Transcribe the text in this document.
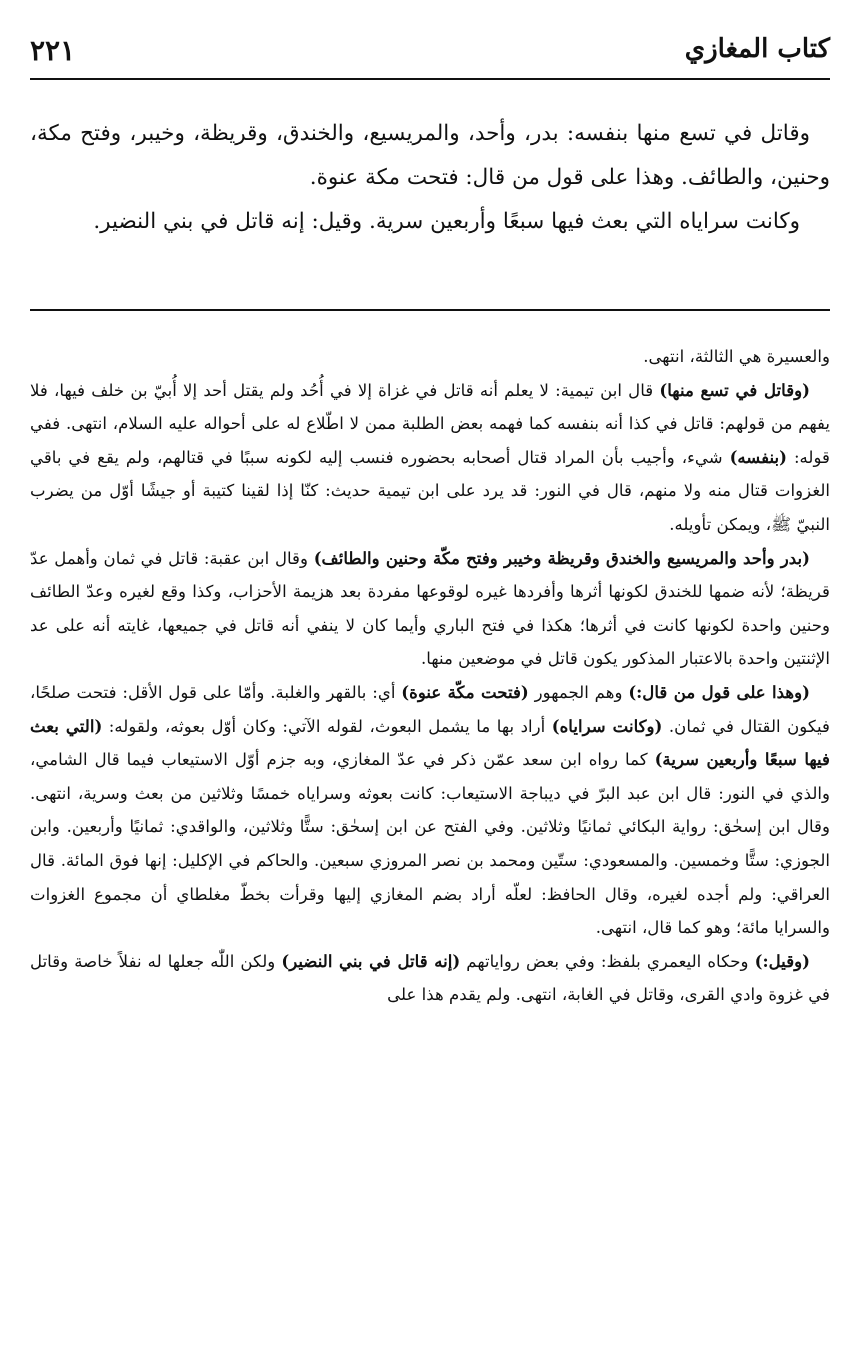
كتاب المغازي
٢٢١

وقاتل في تسع منها بنفسه: بدر، وأحد، والمريسيع، والخندق، وقريظة، وخيبر، وفتح مكة، وحنين، والطائف. وهذا على قول من قال: فتحت مكة عنوة.

وكانت سراياه التي بعث فيها سبعًا وأربعين سرية. وقيل: إنه قاتل في بني النضير.

والعسيرة هي الثالثة، انتهى.

(وقاتل في تسع منها) قال ابن تيمية: لا يعلم أنه قاتل في غزاة إلا في أُحُد ولم يقتل أحد إلا أُبيّ بن خلف فيها، فلا يفهم من قولهم: قاتل في كذا أنه بنفسه كما فهمه بعض الطلبة ممن لا اطّلاع له على أحواله عليه السلام، انتهى. ففي قوله: (بنفسه) شيء، وأجيب بأن المراد قتال أصحابه بحضوره فنسب إليه لكونه سببًا في قتالهم، ولم يقع في باقي الغزوات قتال منه ولا منهم، قال في النور: قد يرد على ابن تيمية حديث: كنّا إذا لقينا كتيبة أو جيشًا أوّل من يضرب النبيّ ﷺ، ويمكن تأويله.

(بدر وأحد والمريسيع والخندق وقريظة وخيبر وفتح مكّة وحنين والطائف) وقال ابن عقبة: قاتل في ثمان وأهمل عدّ قريظة؛ لأنه ضمها للخندق لكونها أثرها وأفردها غيره لوقوعها مفردة بعد هزيمة الأحزاب، وكذا وقع لغيره وعدّ الطائف وحنين واحدة لكونها كانت في أثرها؛ هكذا في فتح الباري وأيما كان لا ينفي أنه قاتل في جميعها، غايته أنه على عد الإثنتين واحدة بالاعتبار المذكور يكون قاتل في موضعين منها.

(وهذا على قول من قال:) وهم الجمهور (فتحت مكّة عنوة) أي: بالقهر والغلبة. وأمّا على قول الأقل: فتحت صلحًا، فيكون القتال في ثمان. (وكانت سراياه) أراد بها ما يشمل البعوث، لقوله الآتي: وكان أوّل بعوثه، ولقوله: (التي بعث فيها سبعًا وأربعين سرية) كما رواه ابن سعد عمّن ذكر في عدّ المغازي، وبه جزم أوّل الاستيعاب فيما قال الشامي، والذي في النور: قال ابن عبد البرّ في ديباجة الاستيعاب: كانت بعوثه وسراياه خمسًا وثلاثين من بعث وسرية، انتهى. وقال ابن إسحٰق: رواية البكائي ثمانيًا وثلاثين. وفي الفتح عن ابن إسحٰق: ستًّا وثلاثين، والواقدي: ثمانيًا وأربعين. وابن الجوزي: ستًّا وخمسين. والمسعودي: ستّين ومحمد بن نصر المروزي سبعين. والحاكم في الإكليل: إنها فوق المائة. قال العراقي: ولم أجده لغيره، وقال الحافظ: لعلّه أراد بضم المغازي إليها وقرأت بخطّ مغلطاي أن مجموع الغزوات والسرايا مائة؛ وهو كما قال، انتهى.

(وقيل:) وحكاه اليعمري بلفظ: وفي بعض رواياتهم (إنه قاتل في بني النضير) ولكن اللّٰه جعلها له نفلاً خاصة وقاتل في غزوة وادي القرى، وقاتل في الغابة، انتهى. ولم يقدم هذا على
